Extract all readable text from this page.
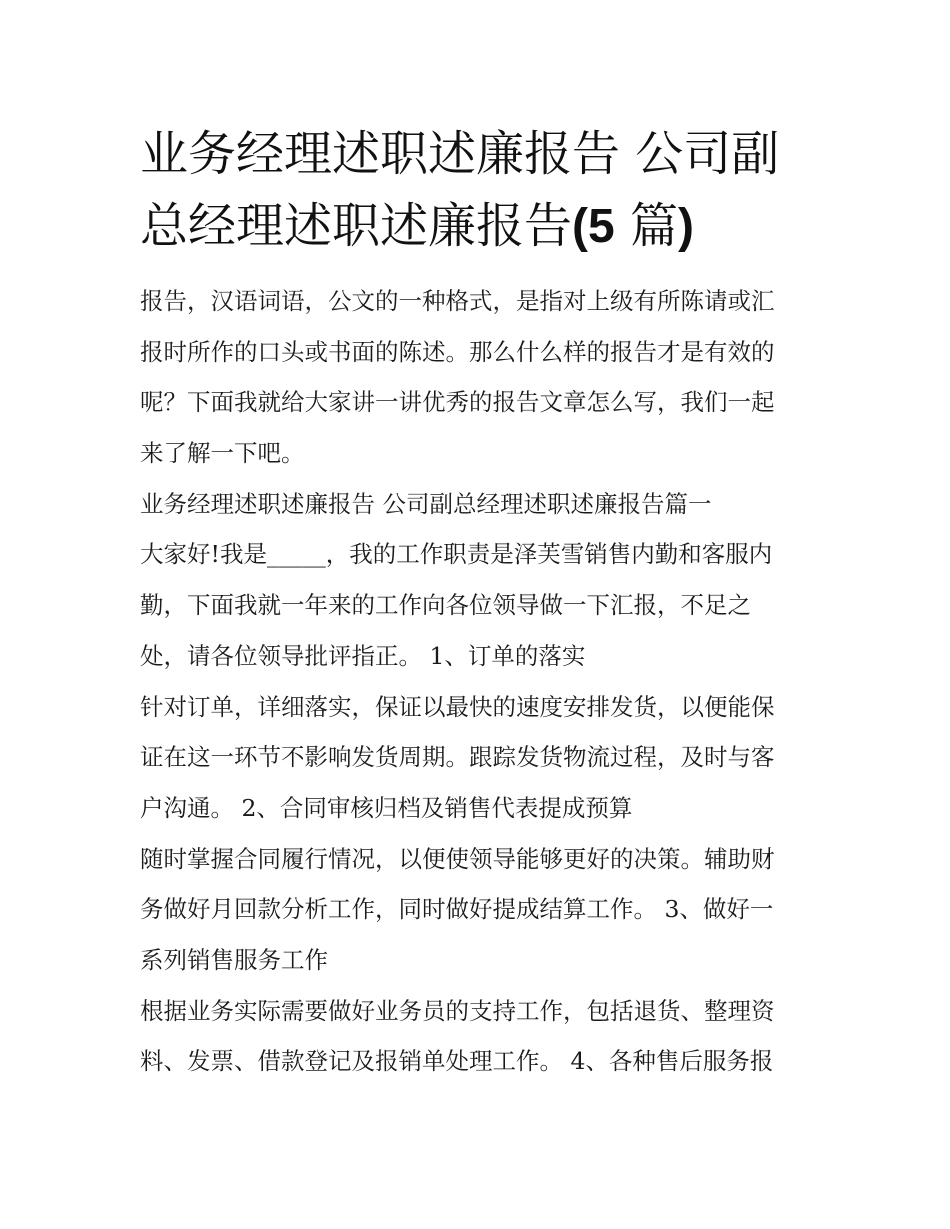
业务经理述职述廉报告 公司副
总经理述职述廉报告(5 篇)
报告，汉语词语，公文的一种格式，是指对上级有所陈请或汇
报时所作的口头或书面的陈述。那么什么样的报告才是有效的
呢？下面我就给大家讲一讲优秀的报告文章怎么写，我们一起
来了解一下吧。
业务经理述职述廉报告 公司副总经理述职述廉报告篇一
大家好!我是_____，我的工作职责是泽芙雪销售内勤和客服内
勤，下面我就一年来的工作向各位领导做一下汇报，不足之
处，请各位领导批评指正。 1、订单的落实
针对订单，详细落实，保证以最快的速度安排发货，以便能保
证在这一环节不影响发货周期。跟踪发货物流过程，及时与客
户沟通。 2、合同审核归档及销售代表提成预算
随时掌握合同履行情况，以便使领导能够更好的决策。辅助财
务做好月回款分析工作，同时做好提成结算工作。 3、做好一
系列销售服务工作
根据业务实际需要做好业务员的支持工作，包括退货、整理资
料、发票、借款登记及报销单处理工作。 4、各种售后服务报
